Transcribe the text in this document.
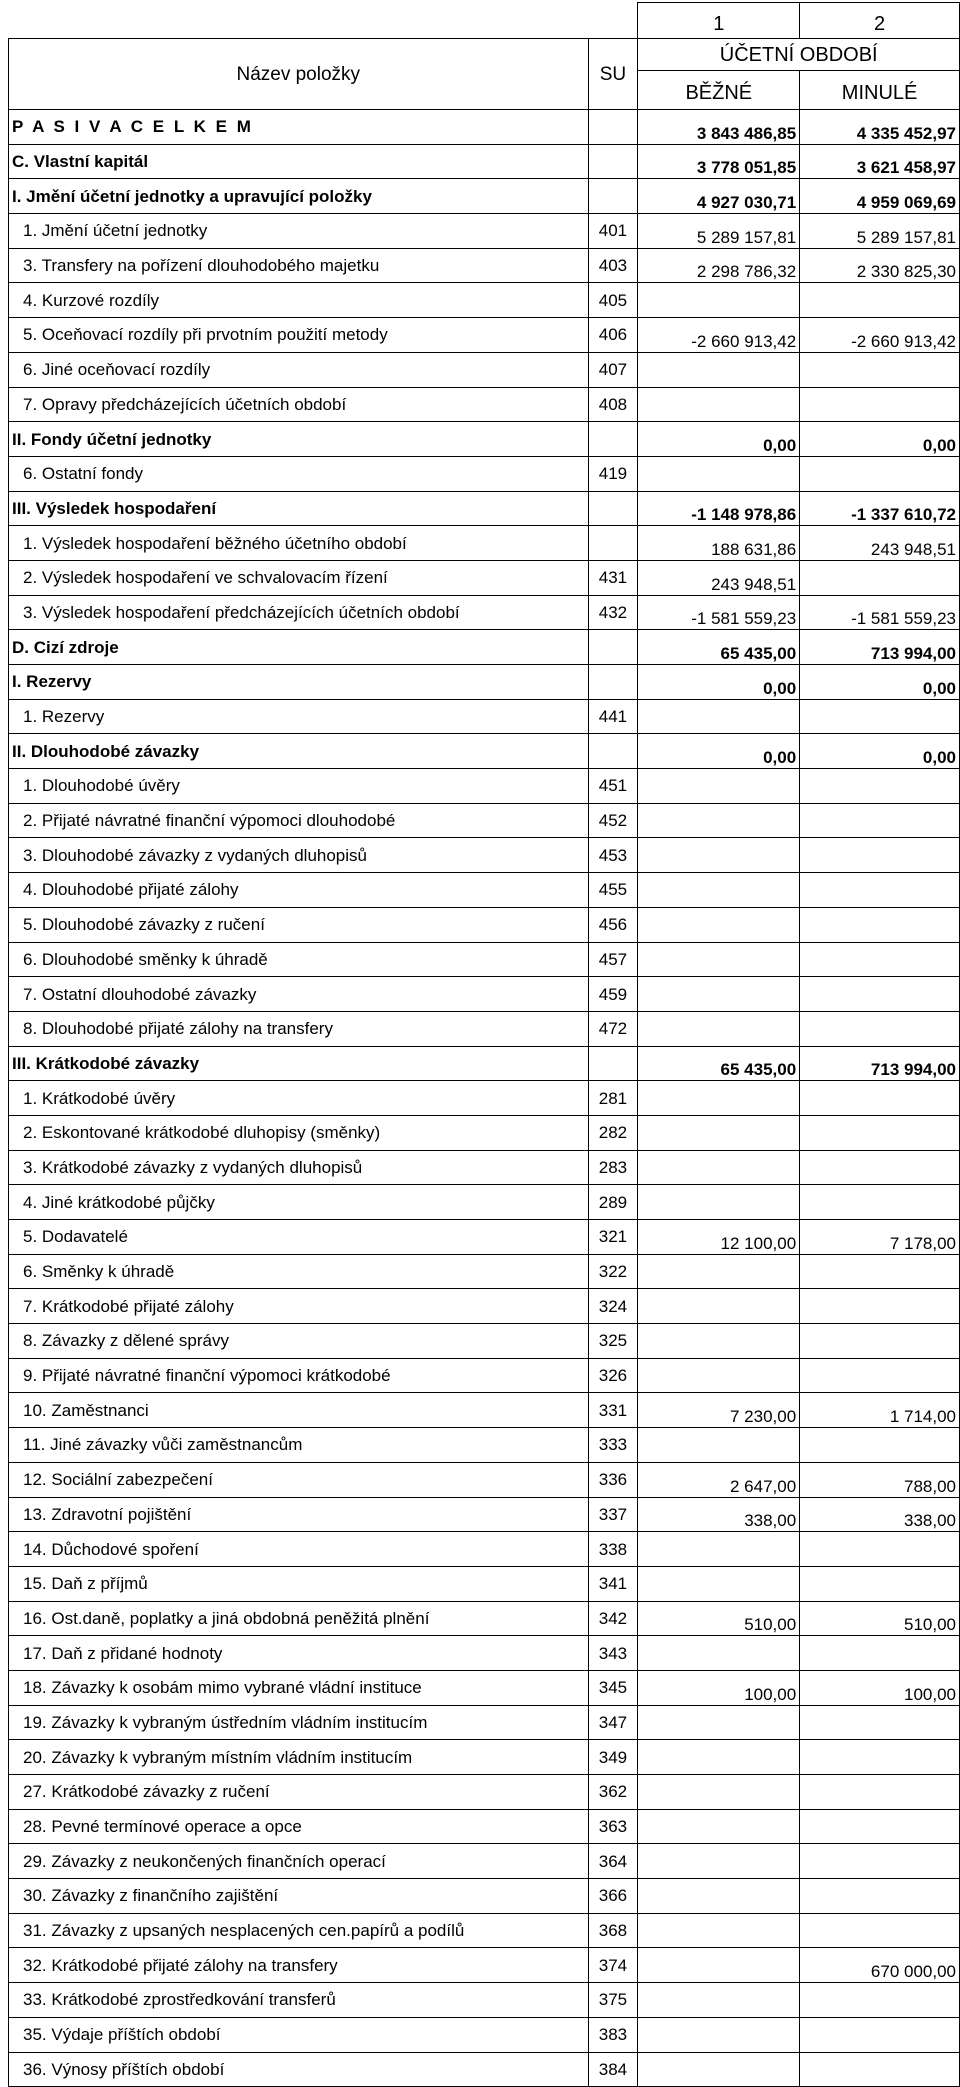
		1	2
Název položky	SU	ÚČETNÍ OBDOBÍ	
		BĚŽNÉ	MINULÉ
P A S I V A C E L K E M		3 843 486,85	4 335 452,97
C. Vlastní kapitál		3 778 051,85	3 621 458,97
I. Jmění účetní jednotky a upravující položky		4 927 030,71	4 959 069,69
1. Jmění účetní jednotky	401	5 289 157,81	5 289 157,81
3. Transfery na pořízení dlouhodobého majetku	403	2 298 786,32	2 330 825,30
4. Kurzové rozdíly	405		
5. Oceňovací rozdíly při prvotním použití metody	406	-2 660 913,42	-2 660 913,42
6. Jiné oceňovací rozdíly	407		
7. Opravy předcházejících účetních období	408		
II. Fondy účetní jednotky		0,00	0,00
6. Ostatní fondy	419		
III. Výsledek hospodaření		-1 148 978,86	-1 337 610,72
1. Výsledek hospodaření běžného účetního období		188 631,86	243 948,51
2. Výsledek hospodaření ve schvalovacím řízení	431	243 948,51	
3. Výsledek hospodaření předcházejících účetních období	432	-1 581 559,23	-1 581 559,23
D. Cizí zdroje		65 435,00	713 994,00
I. Rezervy		0,00	0,00
1. Rezervy	441		
II. Dlouhodobé závazky		0,00	0,00
1. Dlouhodobé úvěry	451		
2. Přijaté návratné finanční výpomoci dlouhodobé	452		
3. Dlouhodobé závazky z vydaných dluhopisů	453		
4. Dlouhodobé přijaté zálohy	455		
5. Dlouhodobé závazky z ručení	456		
6. Dlouhodobé směnky k úhradě	457		
7. Ostatní dlouhodobé závazky	459		
8. Dlouhodobé přijaté zálohy na transfery	472		
III. Krátkodobé závazky		65 435,00	713 994,00
1. Krátkodobé úvěry	281		
2. Eskontované krátkodobé dluhopisy (směnky)	282		
3. Krátkodobé závazky z vydaných dluhopisů	283		
4. Jiné krátkodobé půjčky	289		
5. Dodavatelé	321	12 100,00	7 178,00
6. Směnky k úhradě	322		
7. Krátkodobé přijaté zálohy	324		
8. Závazky z dělené správy	325		
9. Přijaté návratné finanční výpomoci krátkodobé	326		
10. Zaměstnanci	331	7 230,00	1 714,00
11. Jiné závazky vůči zaměstnancům	333		
12. Sociální zabezpečení	336	2 647,00	788,00
13. Zdravotní pojištění	337	338,00	338,00
14. Důchodové spoření	338		
15. Daň z příjmů	341		
16. Ost.daně, poplatky a jiná obdobná peněžitá plnění	342	510,00	510,00
17. Daň z přidané hodnoty	343		
18. Závazky k osobám mimo vybrané vládní instituce	345	100,00	100,00
19. Závazky k vybraným ústředním vládním institucím	347		
20. Závazky k vybraným místním vládním institucím	349		
27. Krátkodobé závazky z ručení	362		
28. Pevné termínové operace a opce	363		
29. Závazky z neukončených finančních operací	364		
30. Závazky z finančního zajištění	366		
31. Závazky z upsaných nesplacených cen.papírů a podílů	368		
32. Krátkodobé přijaté zálohy na transfery	374		670 000,00
33. Krátkodobé zprostředkování transferů	375		
35. Výdaje příštích období	383		
36. Výnosy příštích období	384		
